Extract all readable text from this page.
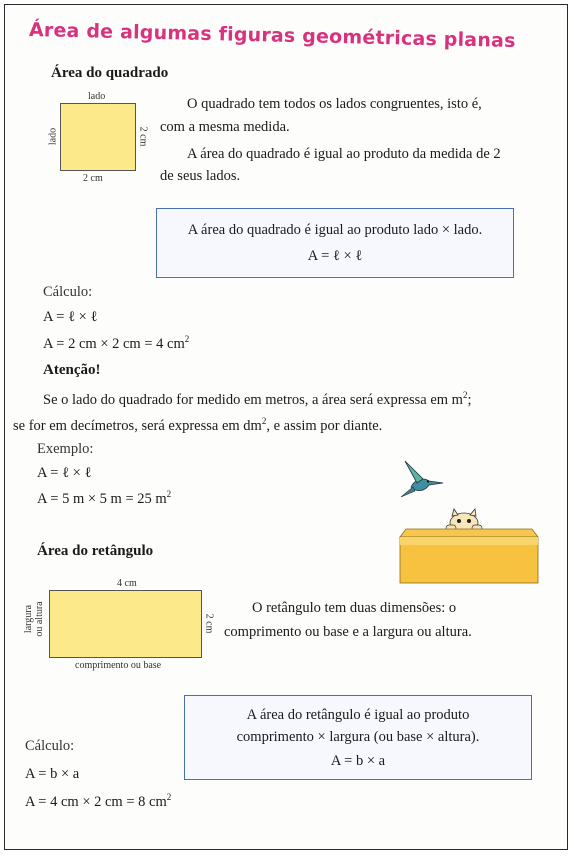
Área de algumas figuras geométricas planas
Área do quadrado
lado
lado	2 cm
2 cm
O quadrado tem todos os lados congruentes, isto é,
com a mesma medida.
A área do quadrado é igual ao produto da medida de 2
de seus lados.
A área do quadrado é igual ao produto lado × lado.
A = ℓ × ℓ
Cálculo:
A = ℓ × ℓ
A = 2 cm × 2 cm = 4 $cm^2$
Atenção!
Se o lado do quadrado for medido em metros, a área será expressa em $m^2$;
se for em decímetros, será expressa em $dm^2$, e assim por diante.
Exemplo:
A = ℓ × ℓ
A = 5 m × 5 m = 25 $m^2$
Área do retângulo
4 cm
largura ou altura	2 cm
comprimento ou base
O retângulo tem duas dimensões: o
comprimento ou base e a largura ou altura.
A área do retângulo é igual ao produto
comprimento × largura (ou base × altura).
A = b × a
Cálculo:
A = b × a
A = 4 cm × 2 cm = 8 $cm^2$
